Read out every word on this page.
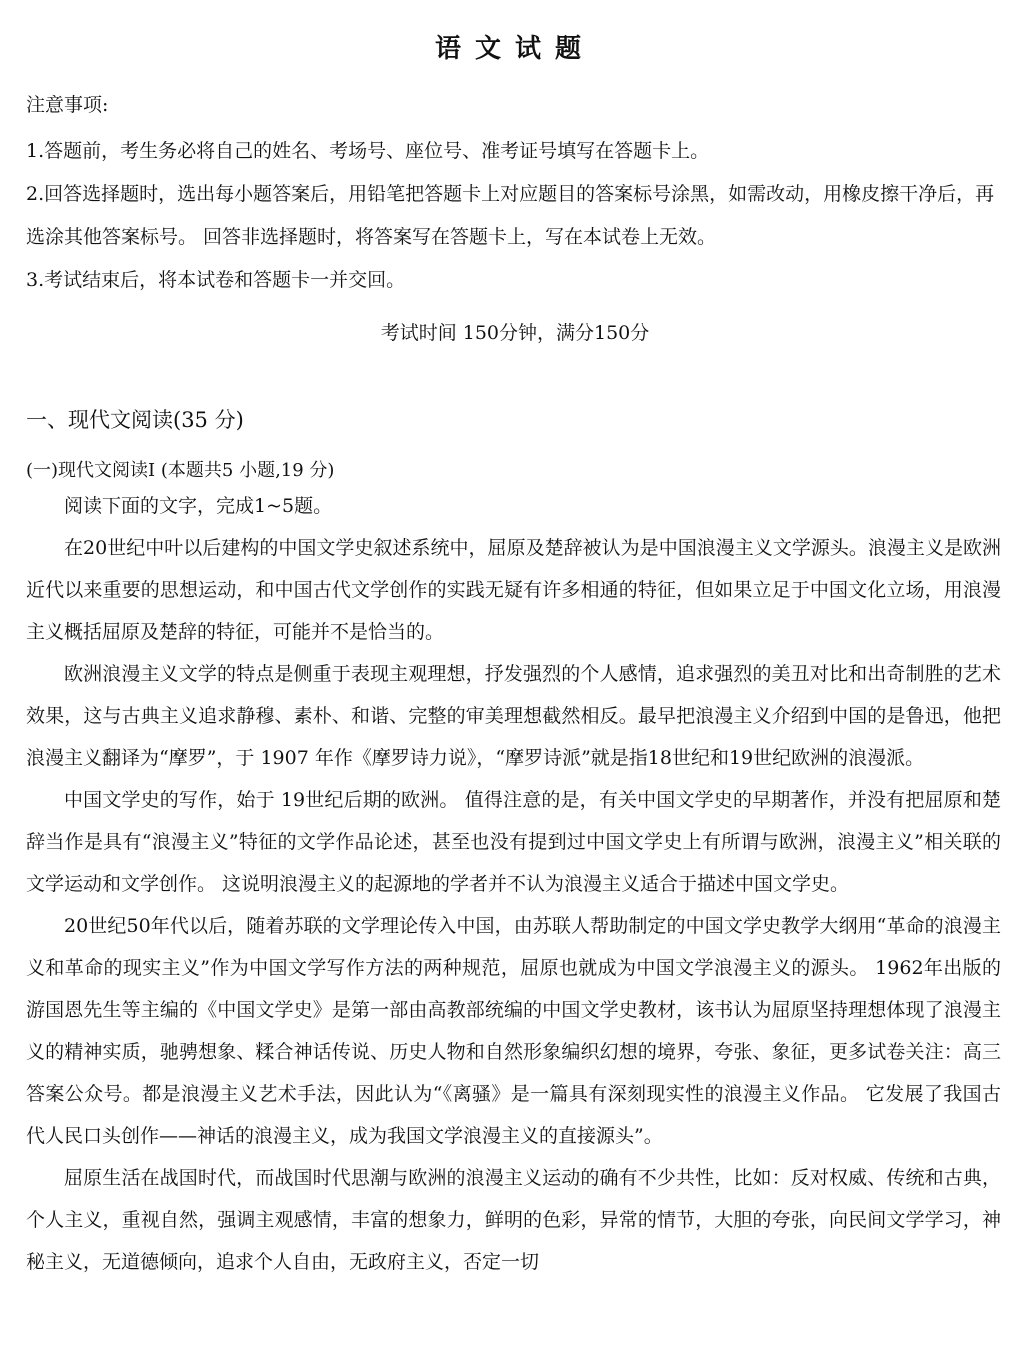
语文试题
注意事项:
1.答题前，考生务必将自己的姓名、考场号、座位号、准考证号填写在答题卡上。
2.回答选择题时，选出每小题答案后，用铅笔把答题卡上对应题目的答案标号涂黑，如需改动，用橡皮擦干净后，再选涂其他答案标号。 回答非选择题时，将答案写在答题卡上，写在本试卷上无效。
3.考试结束后，将本试卷和答题卡一并交回。
考试时间 150分钟，满分150分
一、现代文阅读(35 分)
(一)现代文阅读Ⅰ (本题共5 小题,19 分)

阅读下面的文字，完成1~5题。

在20世纪中叶以后建构的中国文学史叙述系统中，屈原及楚辞被认为是中国浪漫主义文学源头。浪漫主义是欧洲近代以来重要的思想运动，和中国古代文学创作的实践无疑有许多相通的特征，但如果立足于中国文化立场，用浪漫主义概括屈原及楚辞的特征，可能并不是恰当的。

欧洲浪漫主义文学的特点是侧重于表现主观理想，抒发强烈的个人感情，追求强烈的美丑对比和出奇制胜的艺术效果，这与古典主义追求静穆、素朴、和谐、完整的审美理想截然相反。最早把浪漫主义介绍到中国的是鲁迅，他把浪漫主义翻译为“摩罗”，于 1907 年作《摩罗诗力说》，“摩罗诗派”就是指18世纪和19世纪欧洲的浪漫派。

中国文学史的写作，始于 19世纪后期的欧洲。 值得注意的是，有关中国文学史的早期著作，并没有把屈原和楚辞当作是具有“浪漫主义”特征的文学作品论述，甚至也没有提到过中国文学史上有所谓与欧洲，浪漫主义”相关联的文学运动和文学创作。 这说明浪漫主义的起源地的学者并不认为浪漫主义适合于描述中国文学史。

20世纪50年代以后，随着苏联的文学理论传入中国，由苏联人帮助制定的中国文学史教学大纲用“革命的浪漫主义和革命的现实主义”作为中国文学写作方法的两种规范，屈原也就成为中国文学浪漫主义的源头。 1962年出版的游国恩先生等主编的《中国文学史》是第一部由高教部统编的中国文学史教材，该书认为屈原坚持理想体现了浪漫主义的精神实质，驰骋想象、糅合神话传说、历史人物和自然形象编织幻想的境界，夸张、象征，更多试卷关注：高三答案公众号。都是浪漫主义艺术手法，因此认为“《离骚》是一篇具有深刻现实性的浪漫主义作品。 它发展了我国古代人民口头创作——神话的浪漫主义，成为我国文学浪漫主义的直接源头”。

屈原生活在战国时代，而战国时代思潮与欧洲的浪漫主义运动的确有不少共性，比如：反对权威、传统和古典，个人主义，重视自然，强调主观感情，丰富的想象力，鲜明的色彩，异常的情节，大胆的夸张，向民间文学学习，神秘主义，无道德倾向，追求个人自由，无政府主义，否定一切
